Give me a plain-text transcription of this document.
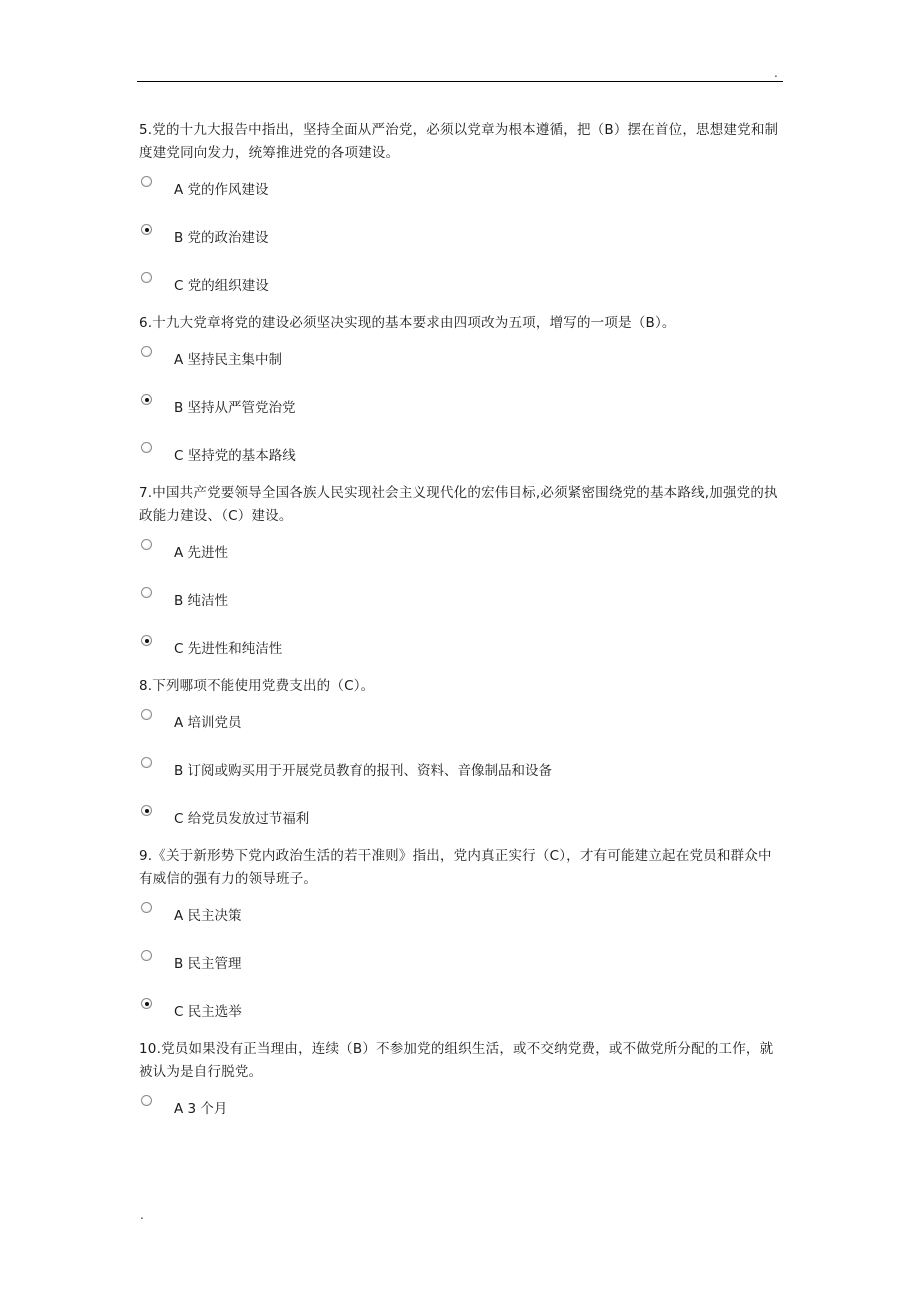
.

5.党的十九大报告中指出，坚持全面从严治党，必须以党章为根本遵循，把（B）摆在首位，思想建党和制度建党同向发力，统筹推进党的各项建设。

A 党的作风建设
B 党的政治建设
C 党的组织建设

6.十九大党章将党的建设必须坚决实现的基本要求由四项改为五项，增写的一项是（B）。

A 坚持民主集中制
B 坚持从严管党治党
C 坚持党的基本路线

7.中国共产党要领导全国各族人民实现社会主义现代化的宏伟目标,必须紧密围绕党的基本路线,加强党的执政能力建设、（C）建设。

A 先进性
B 纯洁性
C 先进性和纯洁性

8.下列哪项不能使用党费支出的（C）。

A 培训党员
B 订阅或购买用于开展党员教育的报刊、资料、音像制品和设备
C 给党员发放过节福利

9.《关于新形势下党内政治生活的若干准则》指出，党内真正实行（C），才有可能建立起在党员和群众中有威信的强有力的领导班子。

A 民主决策
B 民主管理
C 民主选举

10.党员如果没有正当理由，连续（B）不参加党的组织生活，或不交纳党费，或不做党所分配的工作，就被认为是自行脱党。

A 3 个月
.
